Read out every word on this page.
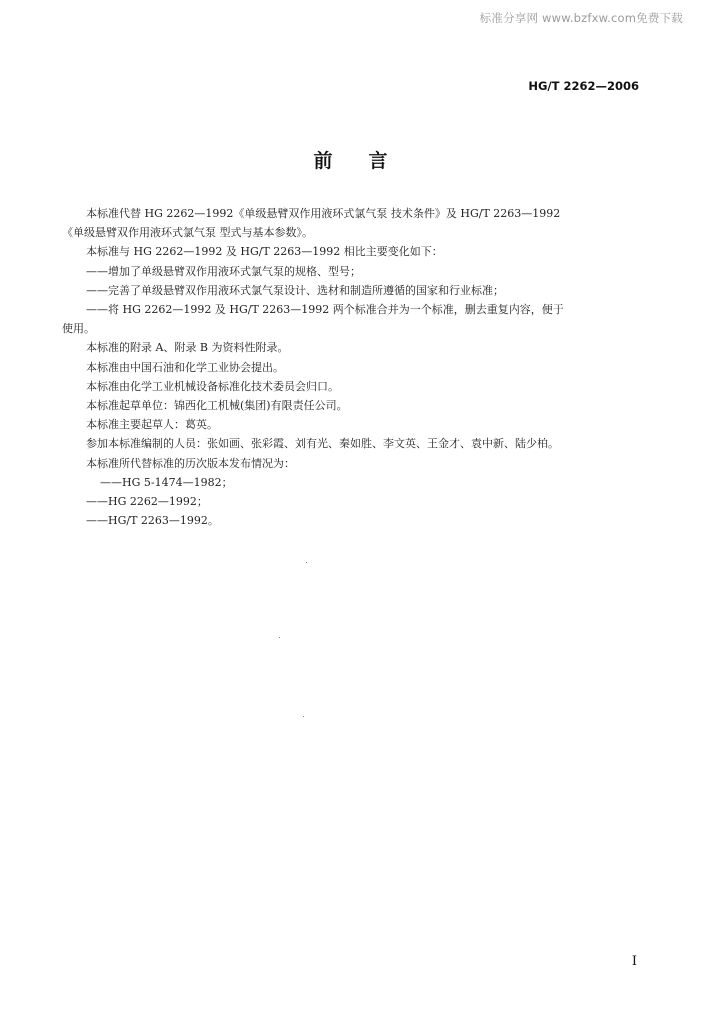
标准分享网 www.bzfxw.com免费下载
HG/T 2262—2006
前言

本标准代替 HG 2262—1992《单级悬臂双作用液环式氯气泵 技术条件》及 HG/T 2263—1992

《单级悬臂双作用液环式氯气泵 型式与基本参数》。

本标准与 HG 2262—1992 及 HG/T 2263—1992 相比主要变化如下：

——增加了单级悬臂双作用液环式氯气泵的规格、型号；

——完善了单级悬臂双作用液环式氯气泵设计、选材和制造所遵循的国家和行业标准；

——将 HG 2262—1992 及 HG/T 2263—1992 两个标准合并为一个标准，删去重复内容，便于

使用。

本标准的附录 A、附录 B 为资料性附录。

本标准由中国石油和化学工业协会提出。

本标准由化学工业机械设备标准化技术委员会归口。

本标准起草单位：锦西化工机械(集团)有限责任公司。

本标准主要起草人：葛英。

参加本标准编制的人员：张如画、张彩霞、刘有光、秦如胜、李文英、王金才、袁中新、陆少柏。

本标准所代替标准的历次版本发布情况为：

——HG 5-1474—1982；

——HG 2262—1992；

——HG/T 2263—1992。

I
